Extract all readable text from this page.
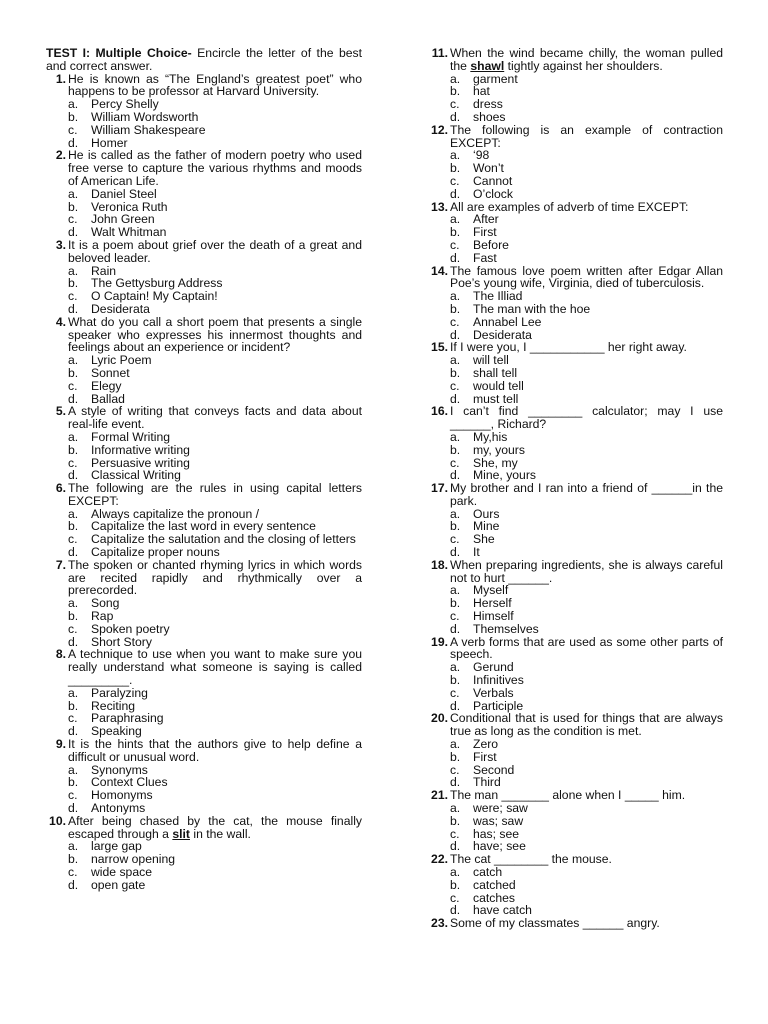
TEST I: Multiple Choice- Encircle the letter of the best and correct answer.
1. He is known as “The England’s greatest poet” who happens to be professor at Harvard University.
a.	Percy Shelly
b.	William Wordsworth
c.	William Shakespeare
d.	Homer
2. He is called as the father of modern poetry who used free verse to capture the various rhythms and moods of American Life.
a.	Daniel Steel
b.	Veronica Ruth
c.	John Green
d.	Walt Whitman
3. It is a poem about grief over the death of a great and beloved leader.
a.	Rain
b.	The Gettysburg Address
c.	O Captain! My Captain!
d.	Desiderata
4. What do you call a short poem that presents a single speaker who expresses his innermost thoughts and feelings about an experience or incident?
a.	Lyric Poem
b.	Sonnet
c.	Elegy
d.	Ballad
5. A style of writing that conveys facts and data about real-life event.
a.	Formal Writing
b.	Informative writing
c.	Persuasive writing
d.	Classical Writing
6. The following are the rules in using capital letters EXCEPT:
a.	Always capitalize the pronoun /
b.	Capitalize the last word in every sentence
c.	Capitalize the salutation and the closing of letters
d.	Capitalize proper nouns
7. The spoken or chanted rhyming lyrics in which words are recited rapidly and rhythmically over a prerecorded.
a.	Song
b.	Rap
c.	Spoken poetry
d.	Short Story
8. A technique to use when you want to make sure you really understand what someone is saying is called _________.
a.	Paralyzing
b.	Reciting
c.	Paraphrasing
d.	Speaking
9. It is the hints that the authors give to help define a difficult or unusual word.
a.	Synonyms
b.	Context Clues
c.	Homonyms
d.	Antonyms
10. After being chased by the cat, the mouse finally escaped through a slit in the wall.
a.	large gap
b.	narrow opening
c.	wide space
d.	open gate
11. When the wind became chilly, the woman pulled the shawl tightly against her shoulders.
a.	garment
b.	hat
c.	dress
d.	shoes
12. The following is an example of contraction EXCEPT:
a.	‘98
b.	Won’t
c.	Cannot
d.	O’clock
13. All are examples of adverb of time EXCEPT:
a.	After
b.	First
c.	Before
d.	Fast
14. The famous love poem written after Edgar Allan Poe’s young wife, Virginia, died of tuberculosis.
a.	The Illiad
b.	The man with the hoe
c.	Annabel Lee
d.	Desiderata
15. If I were you, I ___________ her right away.
a.	will tell
b.	shall tell
c.	would tell
d.	must tell
16. I can’t find ________ calculator; may I use ______, Richard?
a.	My,his
b.	my, yours
c.	She, my
d.	Mine, yours
17. My brother and I ran into a friend of ______in the park.
a.	Ours
b.	Mine
c.	She
d.	It
18. When preparing ingredients, she is always careful not to hurt ______.
a.	Myself
b.	Herself
c.	Himself
d.	Themselves
19. A verb forms that are used as some other parts of speech.
a.	Gerund
b.	Infinitives
c.	Verbals
d.	Participle
20. Conditional that is used for things that are always true as long as the condition is met.
a.	Zero
b.	First
c.	Second
d.	Third
21. The man _______ alone when I _____ him.
a.	were; saw
b.	was; saw
c.	has; see
d.	have; see
22. The cat ________ the mouse.
a.	catch
b.	catched
c.	catches
d.	have catch
23. Some of my classmates ______ angry.
